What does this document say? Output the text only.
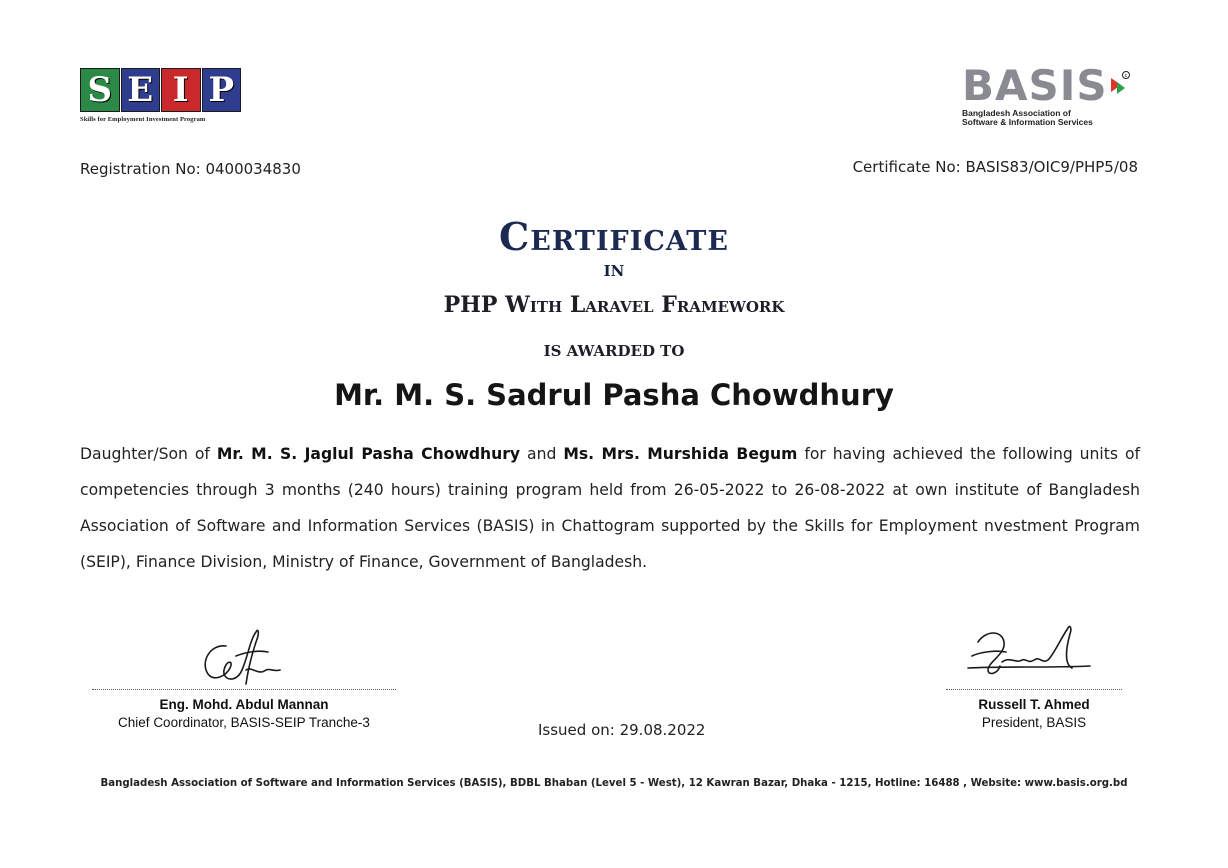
S E I P
Skills for Employment Investment Program
BASIS	c
Bangladesh Association of
Software & Information Services
Registration No: 0400034830	Certificate No: BASIS83/OIC9/PHP5/08
Certificate
IN
PHP With Laravel Framework
IS AWARDED TO
Mr. M. S. Sadrul Pasha Chowdhury
Daughter/Son of Mr. M. S. Jaglul Pasha Chowdhury and Ms. Mrs. Murshida Begum for having achieved the following units of competencies through 3 months (240 hours) training program held from 26-05-2022 to 26-08-2022 at own institute of Bangladesh Association of Software and Information Services (BASIS) in Chattogram supported by the Skills for Employment nvestment Program (SEIP), Finance Division, Ministry of Finance, Government of Bangladesh.
Eng. Mohd. Abdul Mannan
Chief Coordinator, BASIS-SEIP Tranche-3	Issued on: 29.08.2022
Russell T. Ahmed
President, BASIS
Bangladesh Association of Software and Information Services (BASIS), BDBL Bhaban (Level 5 - West), 12 Kawran Bazar, Dhaka - 1215, Hotline: 16488 , Website: www.basis.org.bd
